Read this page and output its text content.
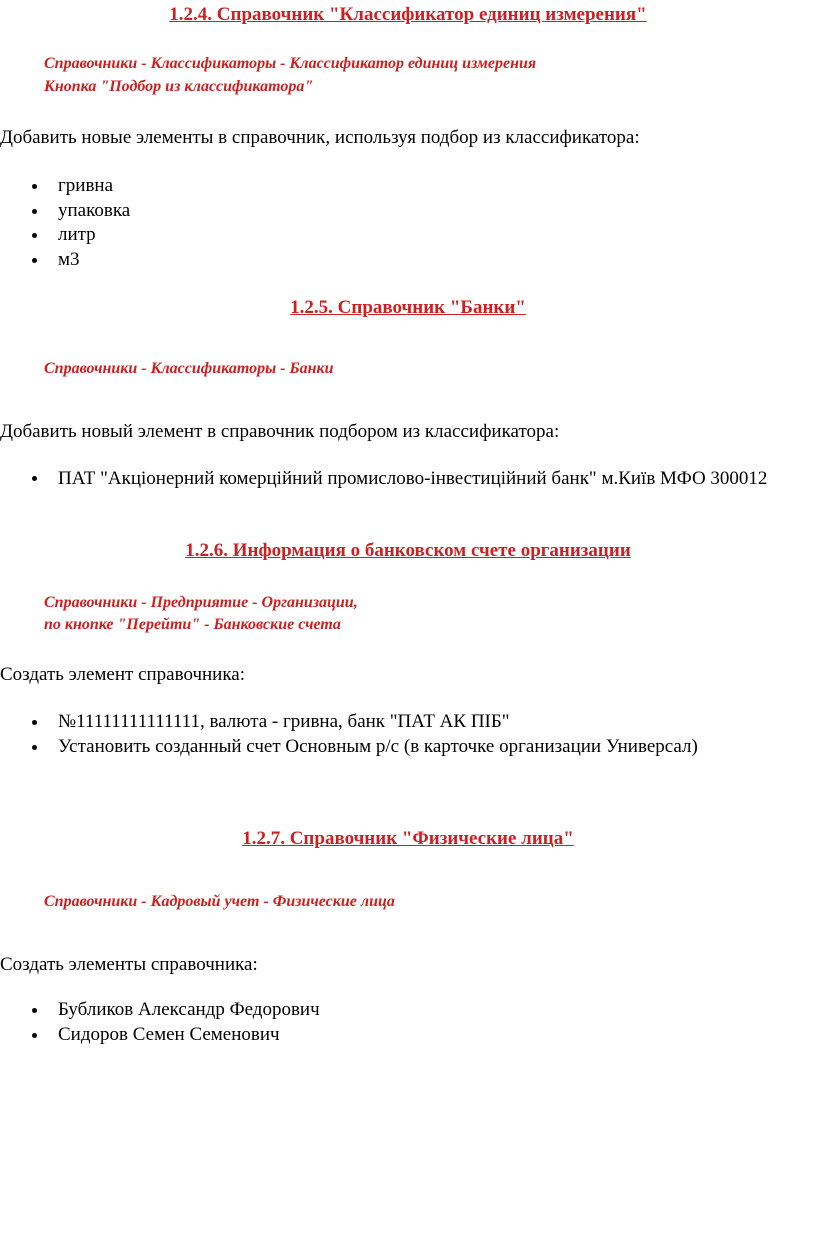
1.2.4. Справочник "Классификатор единиц измерения"
Справочники - Классификаторы - Классификатор единиц измерения
Кнопка "Подбор из классификатора"
Добавить новые элементы в справочник, используя подбор из классификатора:
гривна
упаковка
литр
м3
1.2.5. Справочник "Банки"
Справочники - Классификаторы - Банки
Добавить новый элемент в справочник подбором из классификатора:
ПАТ "Акціонерний комерційний промислово-інвестиційний банк" м.Київ МФО 300012
1.2.6. Информация о банковском счете организации
Справочники - Предприятие - Организации,
по кнопке "Перейти" - Банковские счета
Создать элемент справочника:
№11111111111111, валюта - гривна, банк "ПАТ АК ПІБ"
Установить созданный счет Основным р/с (в карточке организации Универсал)
1.2.7. Справочник "Физические лица"
Справочники - Кадровый учет - Физические лица
Создать элементы справочника:
Бубликов Александр Федорович
Сидоров Семен Семенович
